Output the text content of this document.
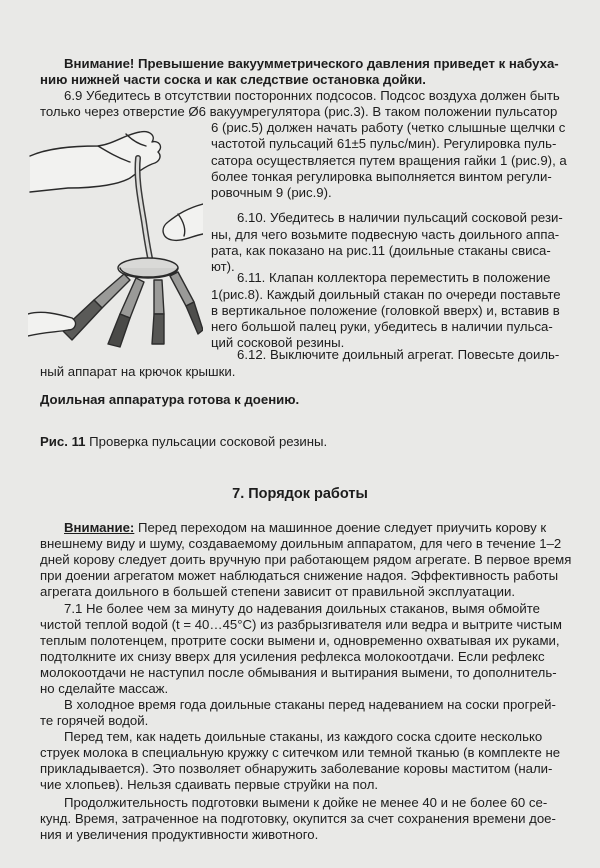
Внимание! Превышение вакуумметрического давления приведет к набуха-

нию нижней части соска и как следствие остановка дойки.

6.9 Убедитесь в отсутствии посторонних подсосов. Подсос воздуха должен быть

только через отверстие Ø6 вакуумрегулятора (рис.3). В таком положении пульсатор

6 (рис.5) должен начать работу (четко слышные щелчки с

частотой пульсаций 61±5 пульс/мин). Регулировка пуль-

сатора осуществляется путем вращения гайки 1 (рис.9), а

более тонкая регулировка выполняется винтом регули-

ровочным 9 (рис.9).

6.10. Убедитесь в наличии пульсаций сосковой рези-

ны, для чего возьмите подвесную часть доильного аппа-

рата, как показано на рис.11 (доильные стаканы свиса-

ют).

6.11. Клапан коллектора переместить в положение

1(рис.8). Каждый доильный стакан по очереди поставьте

в вертикальное положение (головкой вверх) и, вставив в

него большой палец руки, убедитесь в наличии пульса-

ций сосковой резины.

6.12. Выключите доильный агрегат. Повесьте доиль-

ный аппарат на крючок крышки.

Доильная аппаратура готова к доению.

Рис. 11 Проверка пульсации сосковой резины.

7. Порядок работы

Внимание: Перед переходом на машинное доение следует приучить корову к

внешнему виду и шуму, создаваемому доильным аппаратом, для чего в течение 1–2

дней корову следует доить вручную при работающем рядом агрегате. В первое время

при доении агрегатом может наблюдаться снижение надоя. Эффективность работы

агрегата доильного в большей степени зависит от правильной эксплуатации.

7.1 Не более чем за минуту до надевания доильных стаканов, вымя обмойте

чистой теплой водой (t = 40…45°C) из разбрызгивателя или ведра и вытрите чистым

теплым полотенцем, протрите соски вымени и, одновременно охватывая их руками,

подтолкните их снизу вверх для усиления рефлекса молокоотдачи. Если рефлекс

молокоотдачи не наступил после обмывания и вытирания вымени, то дополнитель-

но сделайте массаж.

В холодное время года доильные стаканы перед надеванием на соски прогрей-

те горячей водой.

Перед тем, как надеть доильные стаканы, из каждого соска сдоите несколько

струек молока в специальную кружку с ситечком или темной тканью (в комплекте не

прикладывается). Это позволяет обнаружить заболевание коровы маститом (нали-

чие хлопьев). Нельзя сдаивать первые струйки на пол.

Продолжительность подготовки вымени к дойке не менее 40 и не более 60 се-

кунд. Время, затраченное на подготовку, окупится за счет сохранения времени дое-

ния и увеличения продуктивности животного.
